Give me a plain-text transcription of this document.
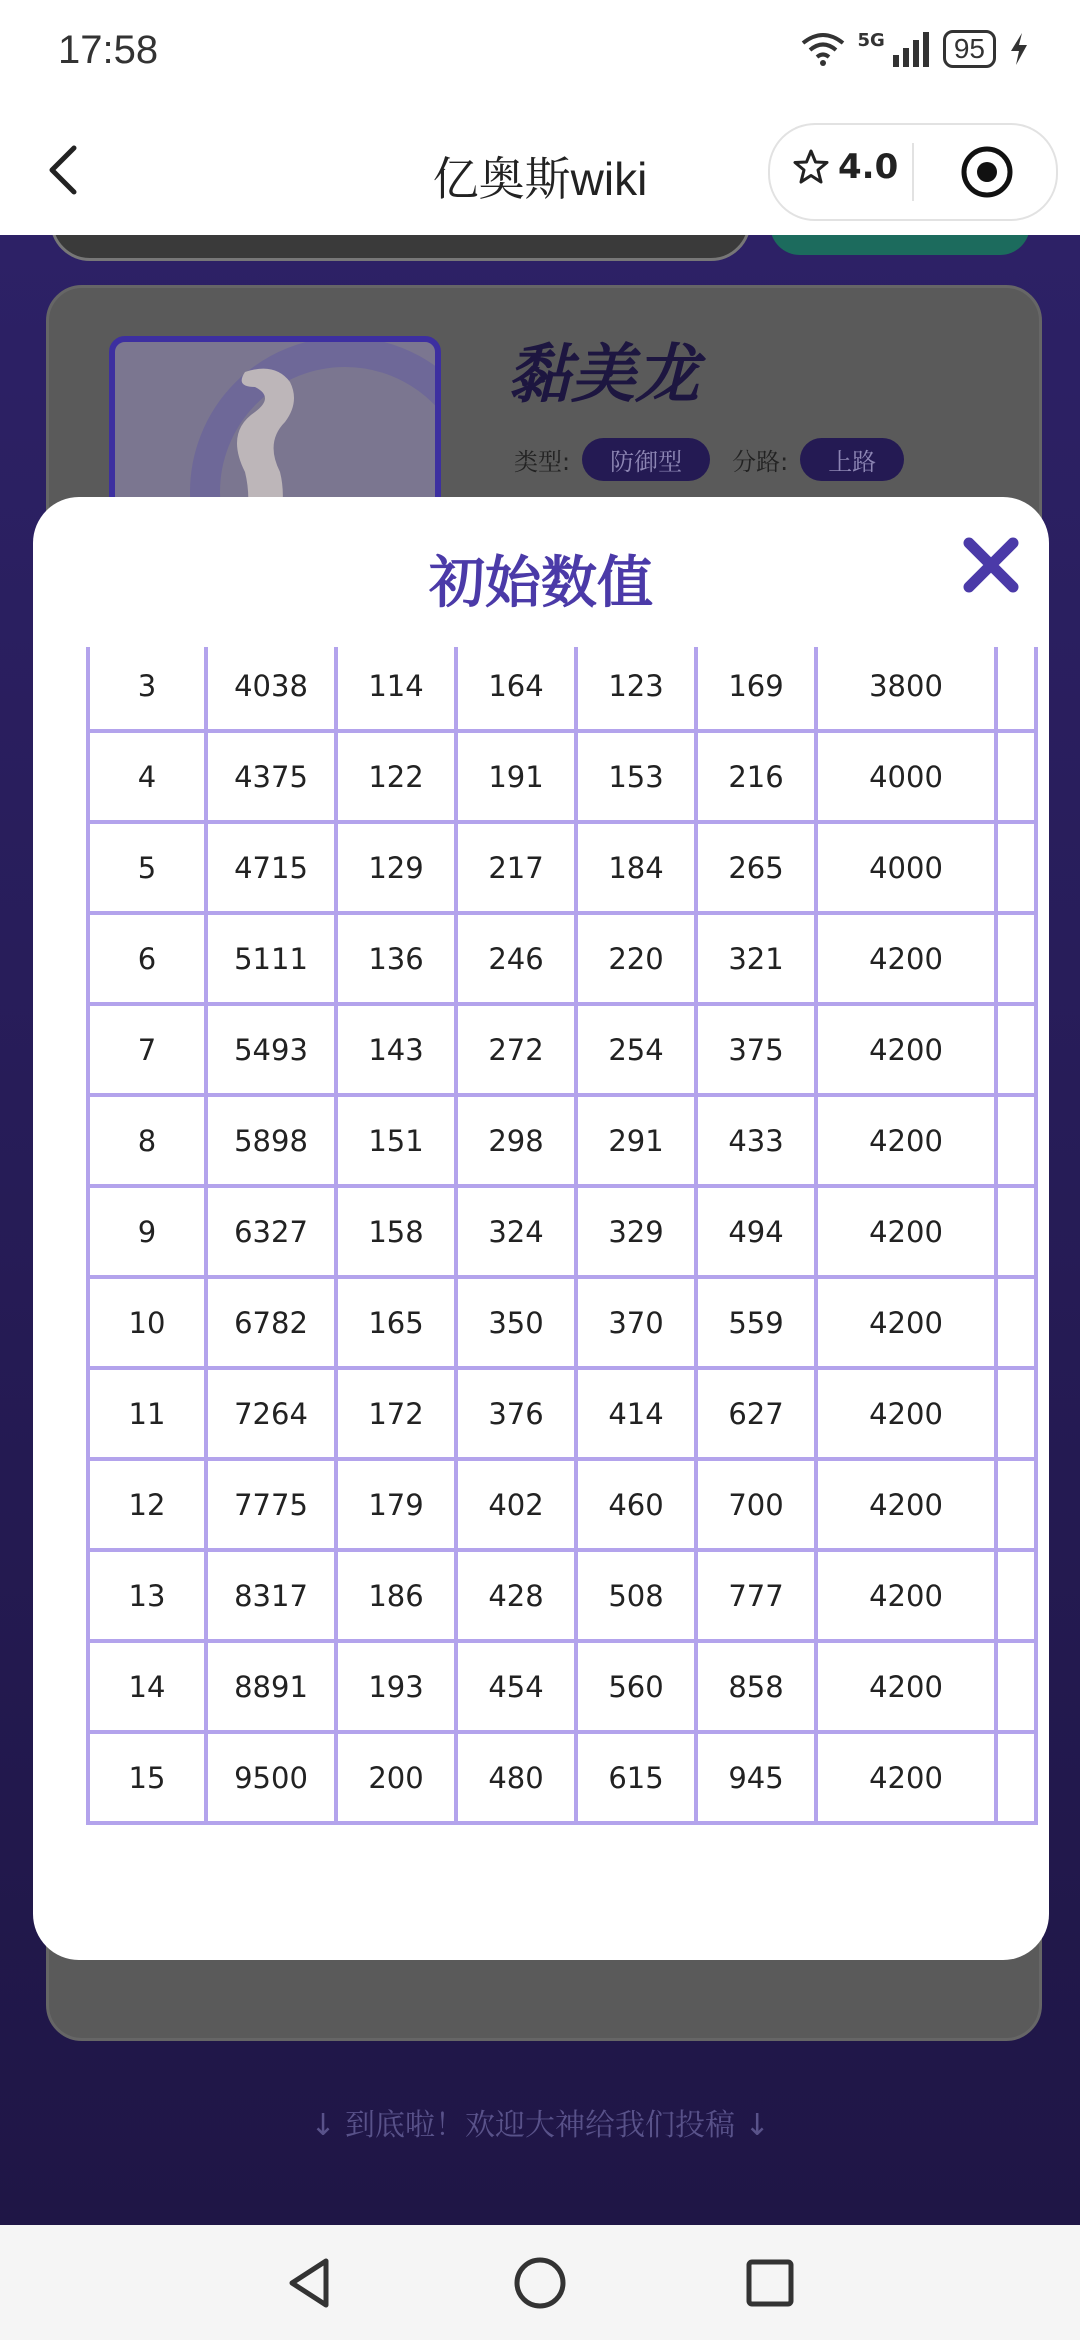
17:58	5G	95
亿奥斯wiki	4.0
黏美龙
类型:	防御型	分路:	上路
↓ 到底啦！欢迎大神给我们投稿 ↓
初始数值

3	4038	114	164	123	169	3800	
4	4375	122	191	153	216	4000	
5	4715	129	217	184	265	4000	
6	5111	136	246	220	321	4200	
7	5493	143	272	254	375	4200	
8	5898	151	298	291	433	4200	
9	6327	158	324	329	494	4200	
10	6782	165	350	370	559	4200	
11	7264	172	376	414	627	4200	
12	7775	179	402	460	700	4200	
13	8317	186	428	508	777	4200	
14	8891	193	454	560	858	4200	
15	9500	200	480	615	945	4200	
